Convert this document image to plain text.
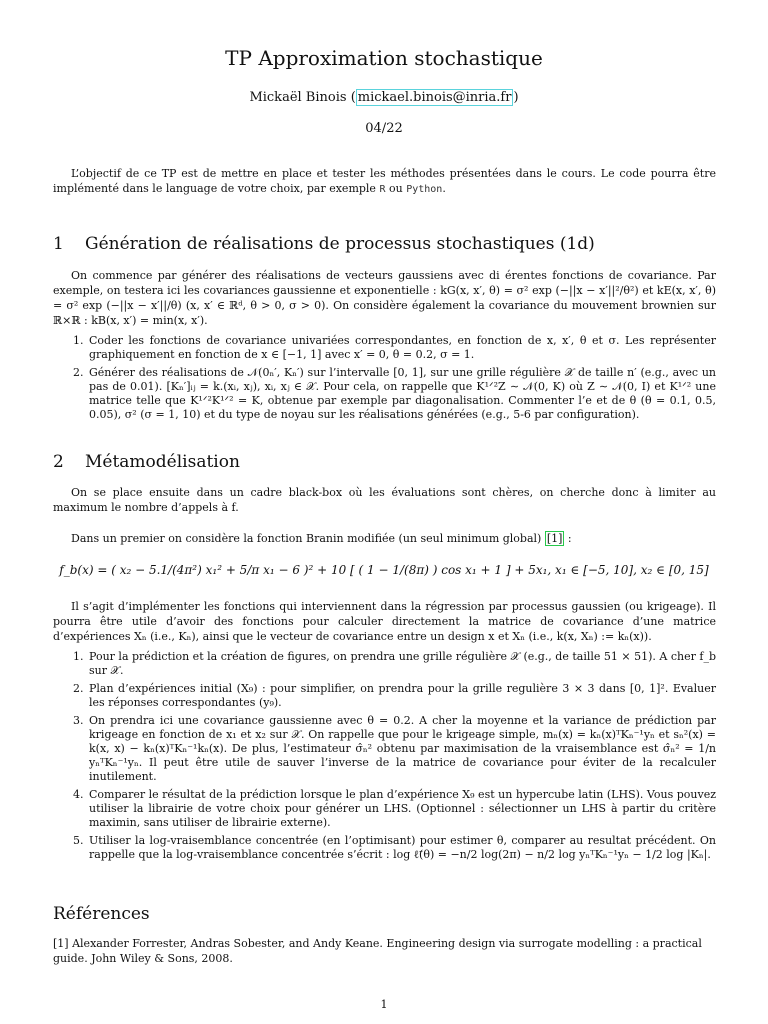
TP Approximation stochastique
Mickaël Binois ( mickael.binois@inria.fr )
04/22
L’objectif de ce TP est de mettre en place et tester les méthodes présentées dans le cours. Le code pourra être implémenté dans le language de votre choix, par exemple R ou Python.
1 Génération de réalisations de processus stochastiques (1d)
On commence par générer des réalisations de vecteurs gaussiens avec di érentes fonctions de covariance. Par exemple, on testera ici les covariances gaussienne et exponentielle : kG(x, x′, θ) = σ² exp (−||x − x′||²/θ²) et kE(x, x′, θ) = σ² exp (−||x − x′||/θ) (x, x′ ∈ ℝᵈ, θ > 0, σ > 0). On considère également la covariance du mouvement brownien sur ℝ×ℝ : kB(x, x′) = min(x, x′).
1. Coder les fonctions de covariance univariées correspondantes, en fonction de x, x′, θ et σ. Les représenter graphiquement en fonction de x ∈ [−1, 1] avec x′ = 0, θ = 0.2, σ = 1.
2. Générer des réalisations de 𝒩(0ₙ′, Kₙ′) sur l’intervalle [0, 1], sur une grille régulière 𝒳 de taille n′ (e.g., avec un pas de 0.01). [Kₙ′]ᵢⱼ = k.(xᵢ, xⱼ), xᵢ, xⱼ ∈ 𝒳. Pour cela, on rappelle que K¹ᐟ²Z ∼ 𝒩(0, K) où Z ∼ 𝒩(0, I) et K¹ᐟ² une matrice telle que K¹ᐟ²K¹ᐟ² = K, obtenue par exemple par diagonalisation. Commenter l’e et de θ (θ = 0.1, 0.5, 0.05), σ² (σ = 1, 10) et du type de noyau sur les réalisations générées (e.g., 5-6 par configuration).
2 Métamodélisation
On se place ensuite dans un cadre black-box où les évaluations sont chères, on cherche donc à limiter au maximum le nombre d’appels à f.
Dans un premier on considère la fonction Branin modifiée (un seul minimum global) [1] :
f_b(x) = ( x₂ − 5.1/(4π²) x₁² + 5/π x₁ − 6 )² + 10 [ ( 1 − 1/(8π) ) cos x₁ + 1 ] + 5x₁, x₁ ∈ [−5, 10], x₂ ∈ [0, 15]
Il s’agit d’implémenter les fonctions qui interviennent dans la régression par processus gaussien (ou krigeage). Il pourra être utile d’avoir des fonctions pour calculer directement la matrice de covariance d’une matrice d’expériences Xₙ (i.e., Kₙ), ainsi que le vecteur de covariance entre un design x et Xₙ (i.e., k(x, Xₙ) := kₙ(x)).
1. Pour la prédiction et la création de figures, on prendra une grille régulière 𝒳 (e.g., de taille 51 × 51). A cher f_b sur 𝒳.
2. Plan d’expériences initial (X₉) : pour simplifier, on prendra pour la grille regulière 3 × 3 dans [0, 1]². Evaluer les réponses correspondantes (y₉).
3. On prendra ici une covariance gaussienne avec θ = 0.2. A cher la moyenne et la variance de prédiction par krigeage en fonction de x₁ et x₂ sur 𝒳. On rappelle que pour le krigeage simple, mₙ(x) = kₙ(x)ᵀKₙ⁻¹yₙ et sₙ²(x) = k(x, x) − kₙ(x)ᵀKₙ⁻¹kₙ(x). De plus, l’estimateur σ̂ₙ² obtenu par maximisation de la vraisemblance est σ̂ₙ² = 1/n yₙᵀKₙ⁻¹yₙ. Il peut être utile de sauver l’inverse de la matrice de covariance pour éviter de la recalculer inutilement.
4. Comparer le résultat de la prédiction lorsque le plan d’expérience X₉ est un hypercube latin (LHS). Vous pouvez utiliser la librairie de votre choix pour générer un LHS. (Optionnel : sélectionner un LHS à partir du critère maximin, sans utiliser de librairie externe).
5. Utiliser la log-vraisemblance concentrée (en l’optimisant) pour estimer θ, comparer au resultat précédent. On rappelle que la log-vraisemblance concentrée s’écrit : log ℓ̃(θ) = −n/2 log(2π) − n/2 log yₙᵀKₙ⁻¹yₙ − 1/2 log |Kₙ|.
Références
[1] Alexander Forrester, Andras Sobester, and Andy Keane. Engineering design via surrogate modelling : a practical guide. John Wiley & Sons, 2008.
1
